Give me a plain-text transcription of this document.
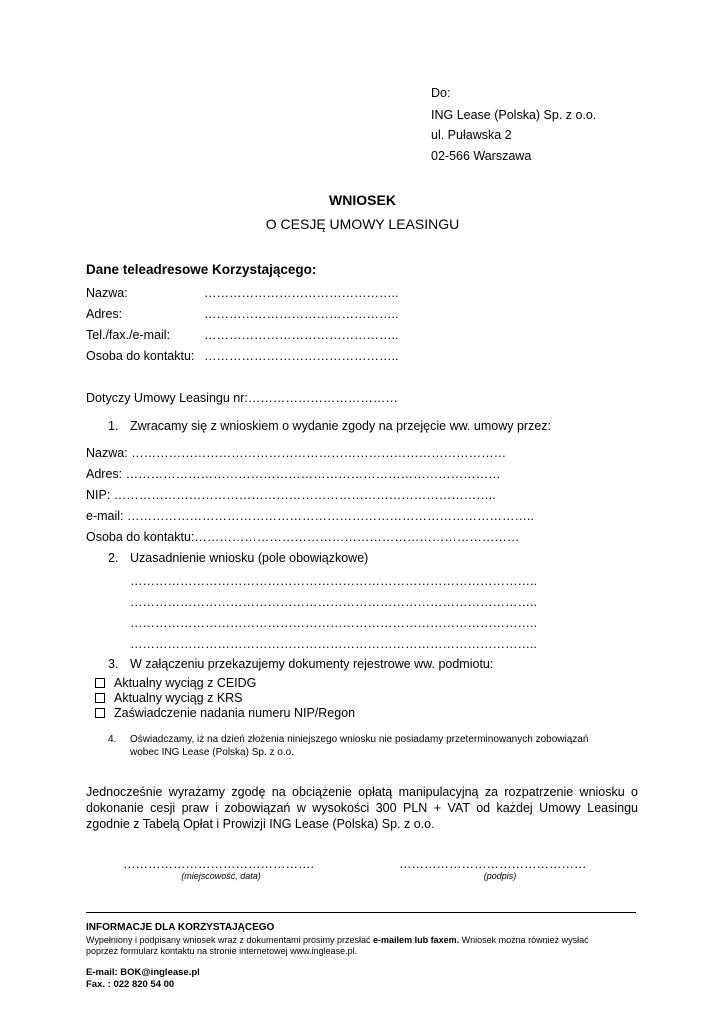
Do:
ING Lease (Polska) Sp. z o.o.
ul. Puławska 2
02-566 Warszawa
WNIOSEK
O CESJĘ UMOWY LEASINGU
Dane teleadresowe Korzystającego:
Nazwa:	………………………………………..
Adres:	………………………………………..
Tel./fax./e-mail:	………………………………………..
Osoba do kontaktu: ………………………………………..
Dotyczy Umowy Leasingu nr:………………………………
1. Zwracamy się z wnioskiem o wydanie zgody na przejęcie ww. umowy przez:
Nazwa: ………………………………………………………………………………
Adres: ………………………………………………………………………………
NIP: ………………………………………………………………………………..
e-mail: ……………………………………………………………………………………..
Osoba do kontaktu:……………………………………………………………………
2. Uzasadnienie wniosku (pole obowiązkowe)
……………………………………………………………………………………..
……………………………………………………………………………………..
……………………………………………………………………………………..
……………………………………………………………………………………..
3. W załączeniu przekazujemy dokumenty rejestrowe ww. podmiotu:
Aktualny wyciąg z CEIDG
Aktualny wyciąg z KRS
Zaświadczenie nadania numeru NIP/Regon
4. Oświadczamy, iż na dzień złożenia niniejszego wniosku nie posiadamy przeterminowanych zobowiązań
wobec ING Lease (Polska) Sp. z o.o.
Jednocześnie wyrażamy zgodę na obciążenie opłatą manipulacyjną za rozpatrzenie wniosku o dokonanie cesji praw i zobowiązań w wysokości 300 PLN + VAT od każdej Umowy Leasingu zgodnie z Tabelą Opłat i Prowizji ING Lease (Polska) Sp. z o.o.
……………………………………….
(miejscowość, data)
………………………………………
(podpis)
INFORMACJE DLA KORZYSTAJĄCEGO
Wypełniony i podpisany wniosek wraz z dokumentami prosimy przesłać e-mailem lub faxem. Wniosek można również wysłać
poprzez formularz kontaktu na stronie internetowej www.inglease.pl.
E-mail: BOK@inglease.pl
Fax. : 022 820 54 00
